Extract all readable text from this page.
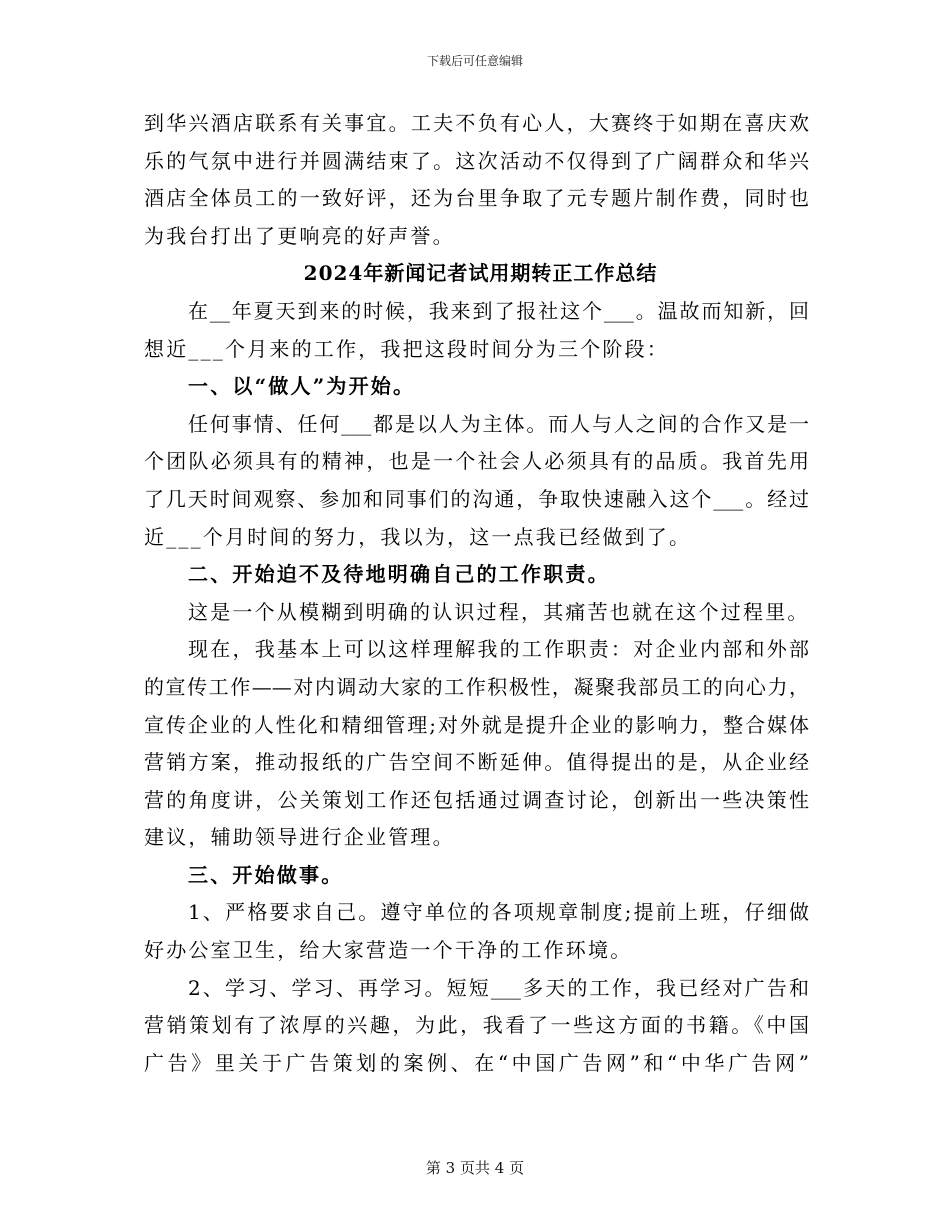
下载后可任意编辑
到华兴酒店联系有关事宜。工夫不负有心人，大赛终于如期在喜庆欢
乐的气氛中进行并圆满结束了。这次活动不仅得到了广阔群众和华兴
酒店全体员工的一致好评，还为台里争取了元专题片制作费，同时也
为我台打出了更响亮的好声誉。
2024年新闻记者试用期转正工作总结
在__年夏天到来的时候，我来到了报社这个___。温故而知新，回
想近___个月来的工作，我把这段时间分为三个阶段：
一、以“做人”为开始。
任何事情、任何___都是以人为主体。而人与人之间的合作又是一
个团队必须具有的精神，也是一个社会人必须具有的品质。我首先用
了几天时间观察、参加和同事们的沟通，争取快速融入这个___。经过
近___个月时间的努力，我以为，这一点我已经做到了。
二、开始迫不及待地明确自己的工作职责。
这是一个从模糊到明确的认识过程，其痛苦也就在这个过程里。
现在，我基本上可以这样理解我的工作职责：对企业内部和外部
的宣传工作——对内调动大家的工作积极性，凝聚我部员工的向心力，
宣传企业的人性化和精细管理;对外就是提升企业的影响力，整合媒体
营销方案，推动报纸的广告空间不断延伸。值得提出的是，从企业经
营的角度讲，公关策划工作还包括通过调查讨论，创新出一些决策性
建议，辅助领导进行企业管理。
三、开始做事。
1、严格要求自己。遵守单位的各项规章制度;提前上班，仔细做
好办公室卫生，给大家营造一个干净的工作环境。
2、学习、学习、再学习。短短___多天的工作，我已经对广告和
营销策划有了浓厚的兴趣，为此，我看了一些这方面的书籍。《中国
广告》里关于广告策划的案例、在“中国广告网”和“中华广告网”
第 3 页共 4 页
